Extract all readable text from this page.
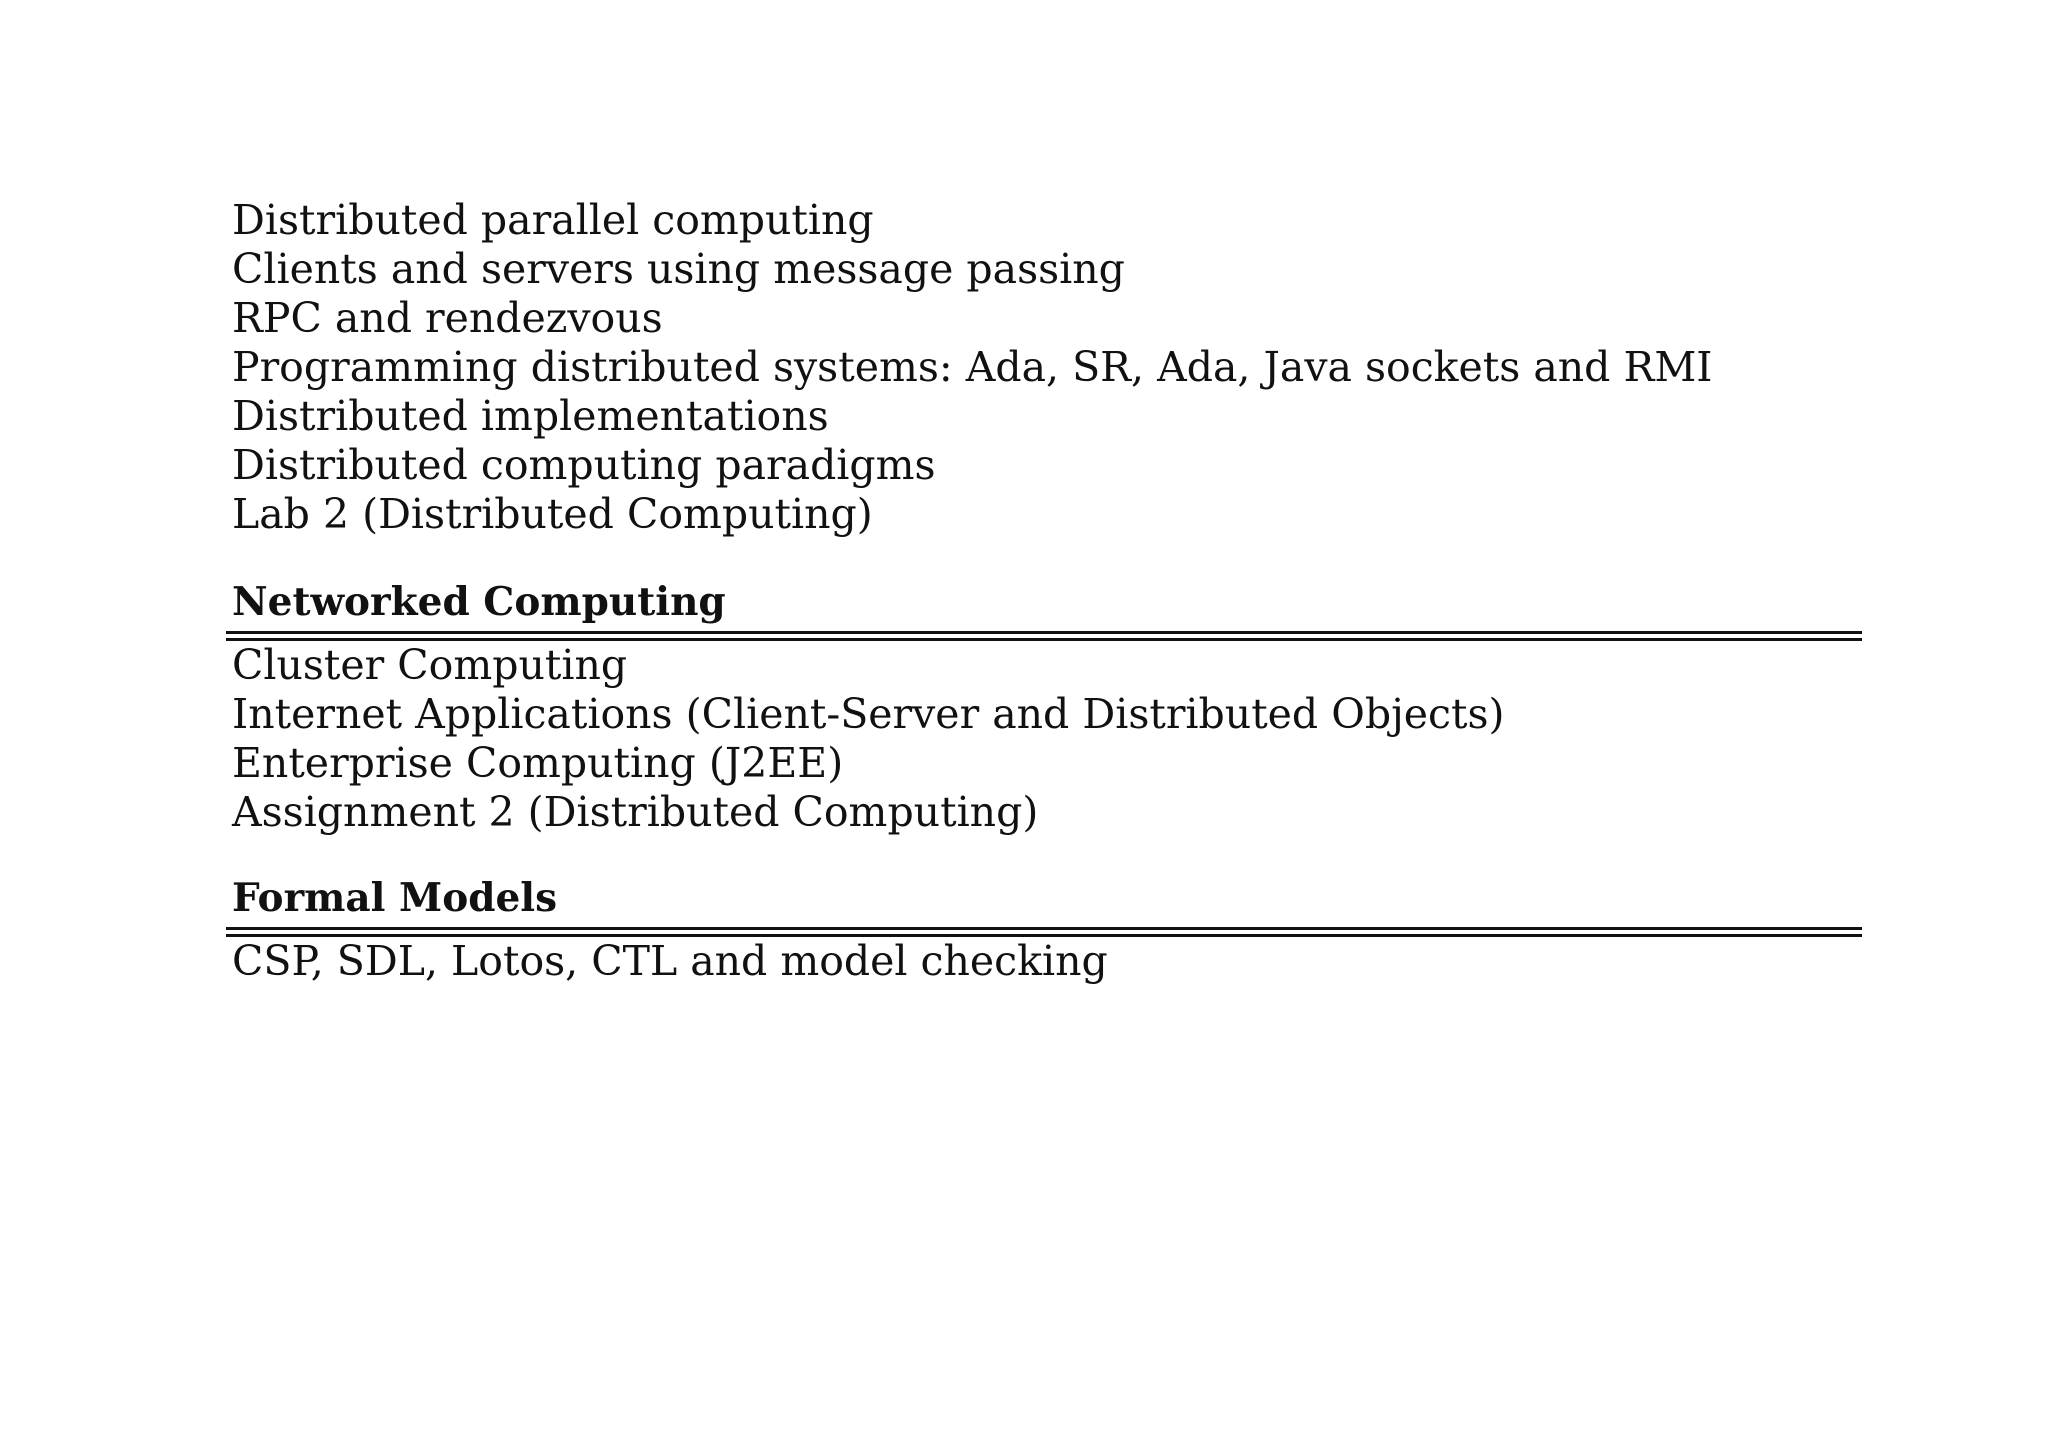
Distributed parallel computing
Clients and servers using message passing
RPC and rendezvous
Programming distributed systems: Ada, SR, Ada, Java sockets and RMI
Distributed implementations
Distributed computing paradigms
Lab 2 (Distributed Computing)
Networked Computing
Cluster Computing
Internet Applications (Client-Server and Distributed Objects)
Enterprise Computing (J2EE)
Assignment 2 (Distributed Computing)
Formal Models
CSP, SDL, Lotos, CTL and model checking
